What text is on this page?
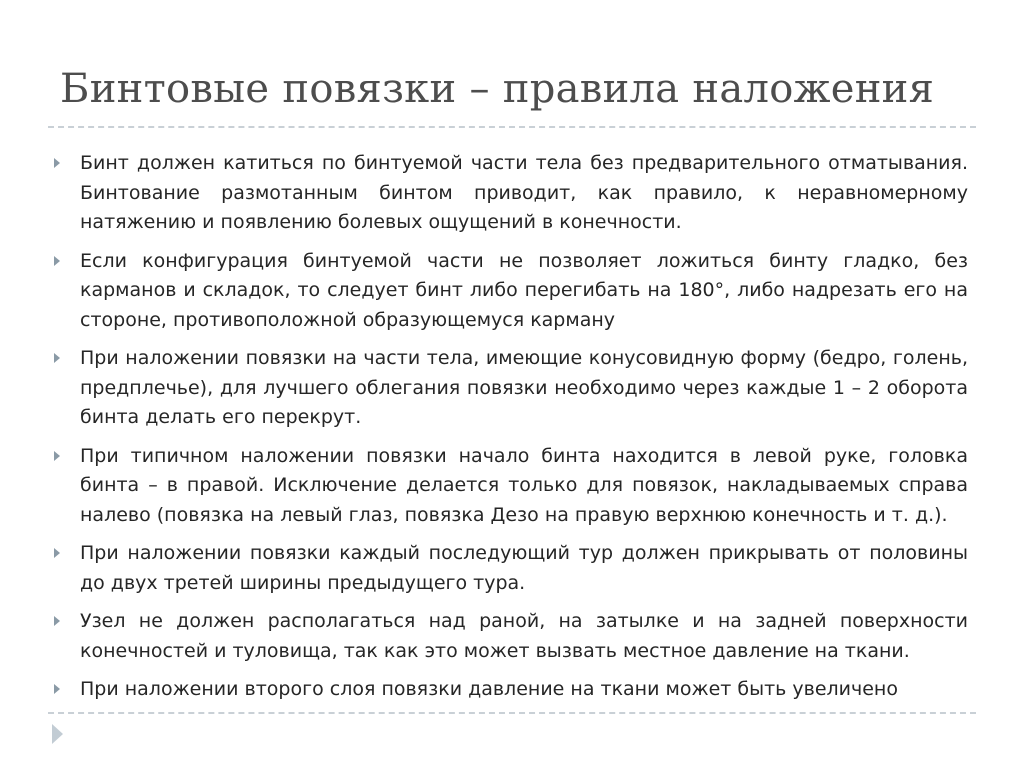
Бинтовые повязки – правила наложения
Бинт должен катиться по бинтуемой части тела без предварительного отматывания. Бинтование размотанным бинтом приводит, как правило, к неравномерному натяжению и появлению болевых ощущений в конечности.
Если конфигурация бинтуемой части не позволяет ложиться бинту гладко, без карманов и складок, то следует бинт либо перегибать на 180°, либо надрезать его на стороне, противоположной образующемуся карману
При наложении повязки на части тела, имеющие конусовидную форму (бедро, голень, предплечье), для лучшего облегания повязки необходимо через каждые 1 – 2 оборота бинта делать его перекрут.
При типичном наложении повязки начало бинта находится в левой руке, головка бинта – в правой. Исключение делается только для повязок, накладываемых справа налево (повязка на левый глаз, повязка Дезо на правую верхнюю конечность и т. д.).
При наложении повязки каждый последующий тур должен прикрывать от половины до двух третей ширины предыдущего тура.
Узел не должен располагаться над раной, на затылке и на задней поверхности конечностей и туловища, так как это может вызвать местное давление на ткани.
При наложении второго слоя повязки давление на ткани может быть увеличено
